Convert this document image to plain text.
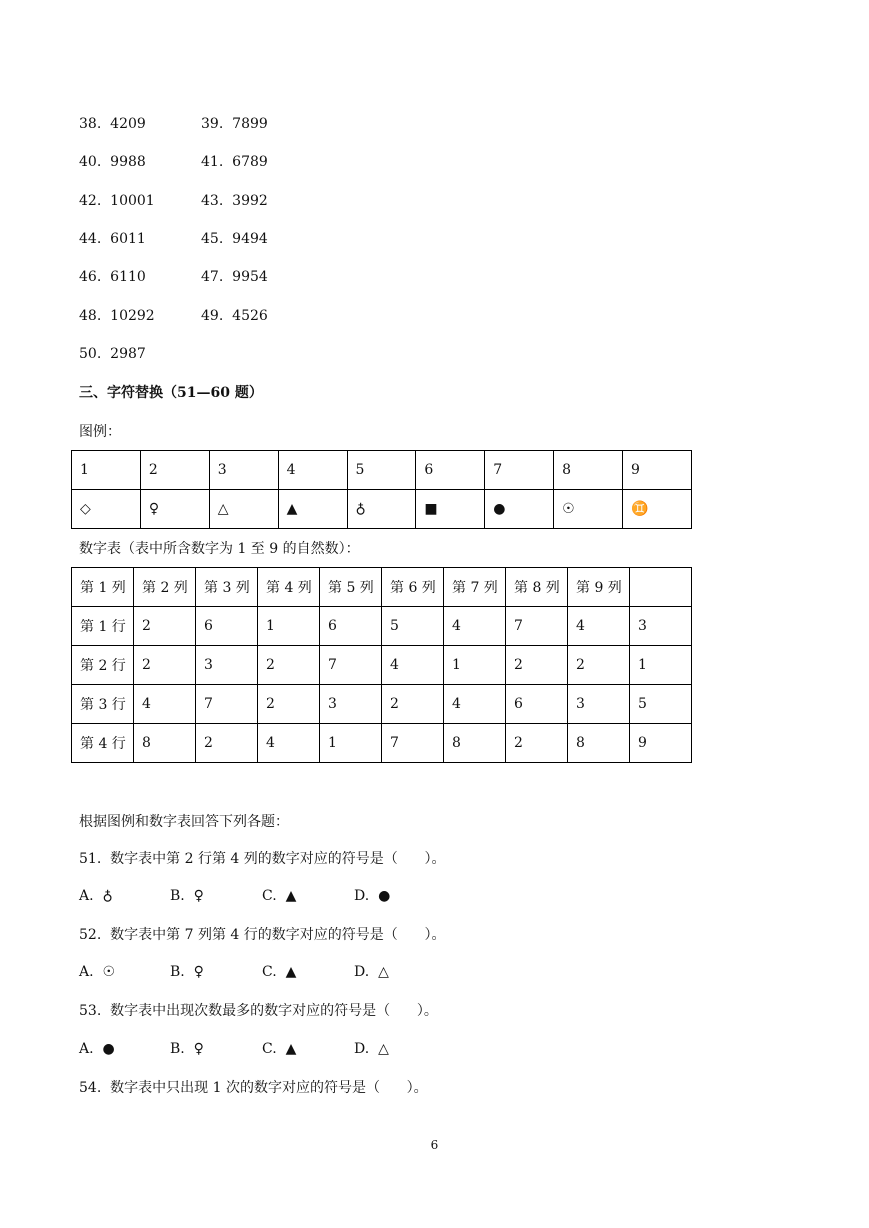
38.  4209	39.  7899
40.  9988	41.  6789
42.  10001	43.  3992
44.  6011	45.  9494
46.  6110	47.  9954
48.  10292	49.  4526
50.  2987
三、字符替换（51—60 题）
图例：
1	2	3	4	5	6	7	8	9
◇	♀	△	▲	♁	■	●	☉	♊
数字表（表中所含数字为 1 至 9 的自然数）：
第 1 列	第 2 列	第 3 列	第 4 列	第 5 列	第 6 列	第 7 列	第 8 列	第 9 列	
第 1 行	2	6	1	6	5	4	7	4	3
第 2 行	2	3	2	7	4	1	2	2	1
第 3 行	4	7	2	3	2	4	6	3	5
第 4 行	8	2	4	1	7	8	2	8	9
根据图例和数字表回答下列各题：
51.  数字表中第 2 行第 4 列的数字对应的符号是（      ）。
A.  ♁	B.  ♀	C.  ▲	D.  ●
52.  数字表中第 7 列第 4 行的数字对应的符号是（      ）。
A.  ☉	B.  ♀	C.  ▲	D.  △
53.  数字表中出现次数最多的数字对应的符号是（      ）。
A.  ●	B.  ♀	C.  ▲	D.  △
54.  数字表中只出现 1 次的数字对应的符号是（      ）。
6
